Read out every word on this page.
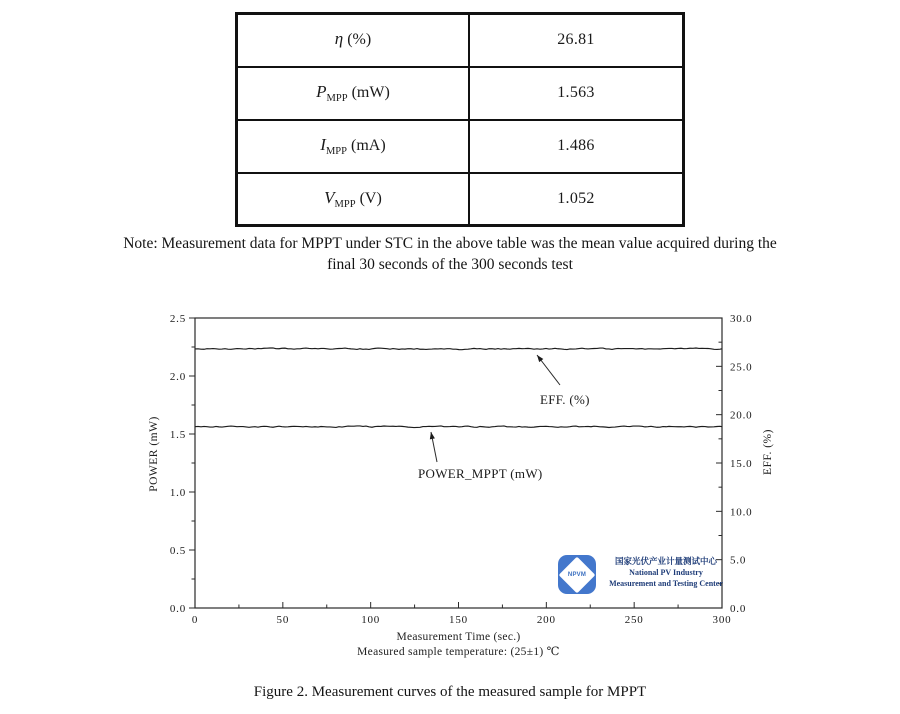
η (%)	26.81
$P_{MPP}$ (mW)	1.563
$I_{MPP}$ (mA)	1.486
$V_{MPP}$ (V)	1.052
Note: Measurement data for MPPT under STC in the above table was the mean value acquired during the
final 30 seconds of the 300 seconds test
0	50	100	150	200	250	300
0.0
0.5
1.0
1.5
2.0
2.5
0.0
5.0
10.0
15.0
20.0
25.0
30.0
EFF. (%)
POWER_MPPT (mW)
POWER (mW)	EFF. (%)
Measurement Time (sec.)
Measured sample temperature: (25±1) ℃
NPVM
国家光伏产业计量测试中心
National PV Industry
Measurement and Testing Center
Figure 2. Measurement curves of the measured sample for MPPT
